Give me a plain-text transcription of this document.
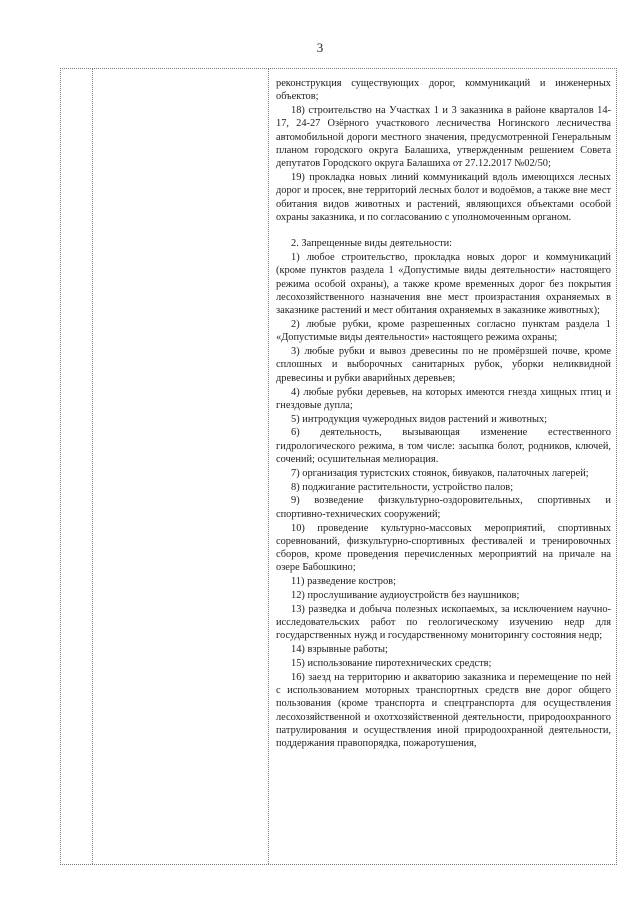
3

реконструкция существующих дорог, коммуникаций и инженерных объектов;

18) строительство на Участках 1 и 3 заказника в районе кварталов 14-17, 24-27 Озёрного участкового лесничества Ногинского лесничества автомобильной дороги местного значения, предусмотренной Генеральным планом городского округа Балашиха, утвержденным решением Совета депутатов Городского округа Балашиха от 27.12.2017 №02/50;

19) прокладка новых линий коммуникаций вдоль имеющихся лесных дорог и просек, вне территорий лесных болот и водоёмов, а также вне мест обитания видов животных и растений, являющихся объектами особой охраны заказника, и по согласованию с уполномоченным органом.

2. Запрещенные виды деятельности:

1) любое строительство, прокладка новых дорог и коммуникаций (кроме пунктов раздела 1 «Допустимые виды деятельности» настоящего режима особой охраны), а также кроме временных дорог без покрытия лесохозяйственного назначения вне мест произрастания охраняемых в заказнике растений и мест обитания охраняемых в заказнике животных);

2) любые рубки, кроме разрешенных согласно пунктам раздела 1 «Допустимые виды деятельности» настоящего режима охраны;

3) любые рубки и вывоз древесины по не промёрзшей почве, кроме сплошных и выборочных санитарных рубок, уборки неликвидной древесины и рубки аварийных деревьев;

4) любые рубки деревьев, на которых имеются гнезда хищных птиц и гнездовые дупла;

5) интродукция чужеродных видов растений и животных;

6) деятельность, вызывающая изменение естественного гидрологического режима, в том числе: засыпка болот, родников, ключей, сочений; осушительная мелиорация.

7) организация туристских стоянок, бивуаков, палаточных лагерей;

8) поджигание растительности, устройство палов;

9) возведение физкультурно-оздоровительных, спортивных и спортивно-технических сооружений;

10) проведение культурно-массовых мероприятий, спортивных соревнований, физкультурно-спортивных фестивалей и тренировочных сборов, кроме проведения перечисленных мероприятий на причале на озере Бабошкино;

11) разведение костров;

12) прослушивание аудиоустройств без наушников;

13) разведка и добыча полезных ископаемых, за исключением научно-исследовательских работ по геологическому изучению недр для государственных нужд и государственному мониторингу состояния недр;

14) взрывные работы;

15) использование пиротехнических средств;

16) заезд на территорию и акваторию заказника и перемещение по ней с использованием моторных транспортных средств вне дорог общего пользования (кроме транспорта и спецтранспорта для осуществления лесохозяйственной и охотхозяйственной деятельности, природоохранного патрулирования и осуществления иной природоохранной деятельности, поддержания правопорядка, пожаротушения,
